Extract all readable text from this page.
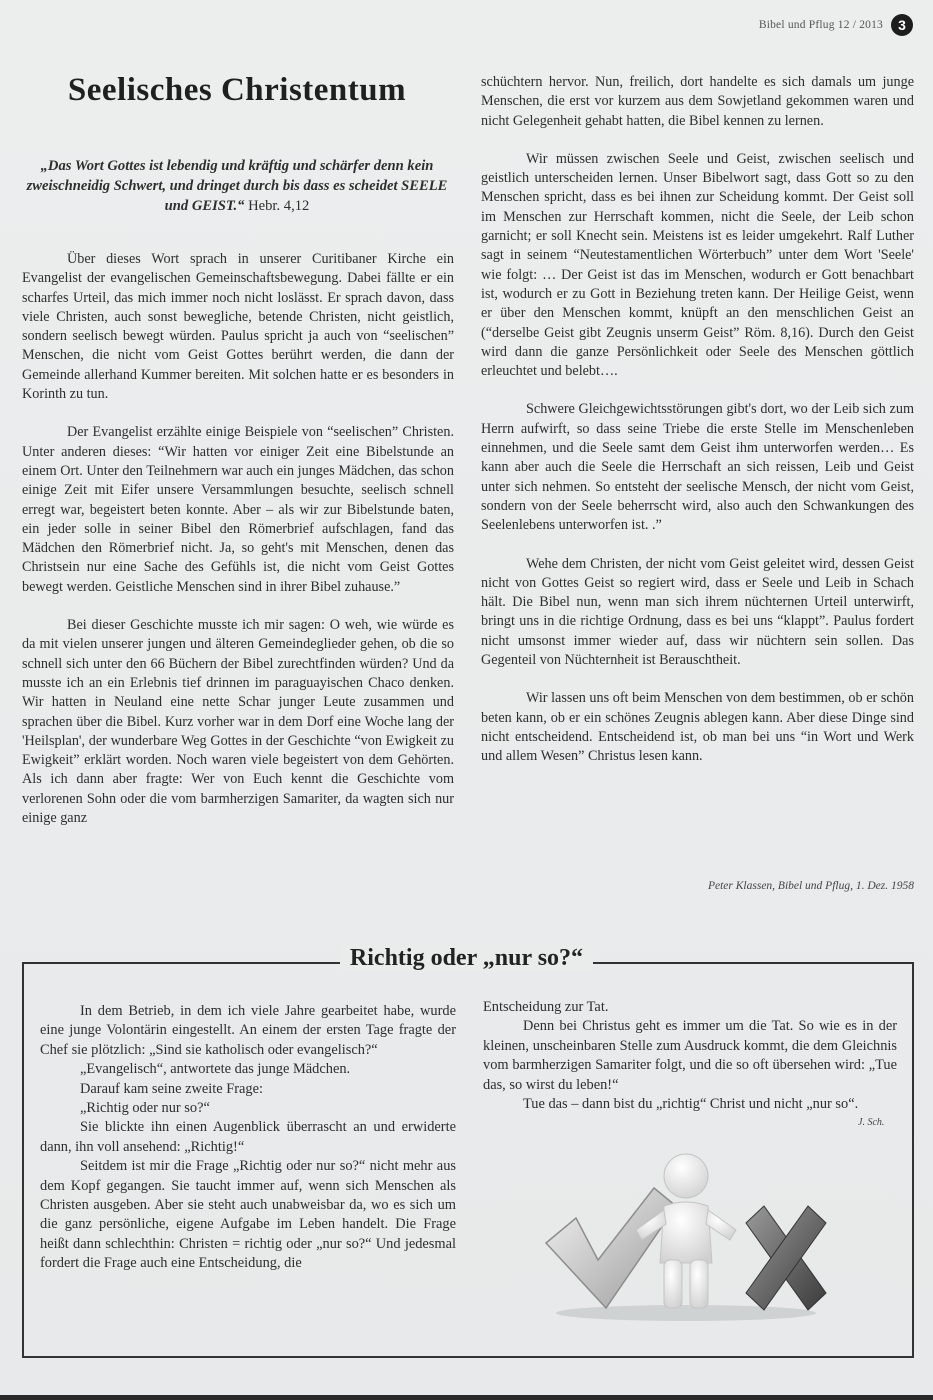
Bibel und Pflug 12 / 2013	3
Seelisches Christentum

„Das Wort Gottes ist lebendig und kräftig und schärfer denn kein zweischneidig Schwert, und dringet durch bis dass es scheidet SEELE und GEIST.“ Hebr. 4,12

Über dieses Wort sprach in unserer Curitibaner Kirche ein Evangelist der evangelischen Gemeinschaftsbewegung. Dabei fällte er ein scharfes Urteil, das mich immer noch nicht loslässt. Er sprach davon, dass viele Christen, auch sonst bewegliche, betende Christen, nicht geistlich, sondern seelisch bewegt würden. Paulus spricht ja auch von “seelischen” Menschen, die nicht vom Geist Gottes berührt werden, die dann der Gemeinde allerhand Kummer bereiten. Mit solchen hatte er es besonders in Korinth zu tun.

Der Evangelist erzählte einige Beispiele von “seelischen” Christen. Unter anderen dieses: “Wir hatten vor einiger Zeit eine Bibelstunde an einem Ort. Unter den Teilnehmern war auch ein junges Mädchen, das schon einige Zeit mit Eifer unsere Versammlungen besuchte, seelisch schnell erregt war, begeistert beten konnte. Aber – als wir zur Bibelstunde baten, ein jeder solle in seiner Bibel den Römerbrief aufschlagen, fand das Mädchen den Römerbrief nicht. Ja, so geht's mit Menschen, denen das Christsein nur eine Sache des Gefühls ist, die nicht vom Geist Gottes bewegt werden. Geistliche Menschen sind in ihrer Bibel zuhause.”

Bei dieser Geschichte musste ich mir sagen: O weh, wie würde es da mit vielen unserer jungen und älteren Gemeindeglieder gehen, ob die so schnell sich unter den 66 Büchern der Bibel zurechtfinden würden? Und da musste ich an ein Erlebnis tief drinnen im paraguayischen Chaco denken. Wir hatten in Neuland eine nette Schar junger Leute zusammen und sprachen über die Bibel. Kurz vorher war in dem Dorf eine Woche lang der 'Heilsplan', der wunderbare Weg Gottes in der Geschichte “von Ewigkeit zu Ewigkeit” erklärt worden. Noch waren viele begeistert von dem Gehörten. Als ich dann aber fragte: Wer von Euch kennt die Geschichte vom verlorenen Sohn oder die vom barmherzigen Samariter, da wagten sich nur einige ganz

schüchtern hervor. Nun, freilich, dort handelte es sich damals um junge Menschen, die erst vor kurzem aus dem Sowjetland gekommen waren und nicht Gelegenheit gehabt hatten, die Bibel kennen zu lernen.

Wir müssen zwischen Seele und Geist, zwischen seelisch und geistlich unterscheiden lernen. Unser Bibelwort sagt, dass Gott so zu den Menschen spricht, dass es bei ihnen zur Scheidung kommt. Der Geist soll im Menschen zur Herrschaft kommen, nicht die Seele, der Leib schon garnicht; er soll Knecht sein. Meistens ist es leider umgekehrt. Ralf Luther sagt in seinem “Neutestamentlichen Wörterbuch” unter dem Wort 'Seele' wie folgt: … Der Geist ist das im Menschen, wodurch er Gott benachbart ist, wodurch er zu Gott in Beziehung treten kann. Der Heilige Geist, wenn er über den Menschen kommt, knüpft an den menschlichen Geist an (“derselbe Geist gibt Zeugnis unserm Geist” Röm. 8,16). Durch den Geist wird dann die ganze Persönlichkeit oder Seele des Menschen göttlich erleuchtet und belebt….

Schwere Gleichgewichtsstörungen gibt's dort, wo der Leib sich zum Herrn aufwirft, so dass seine Triebe die erste Stelle im Menschenleben einnehmen, und die Seele samt dem Geist ihm unterworfen werden… Es kann aber auch die Seele die Herrschaft an sich reissen, Leib und Geist unter sich nehmen. So entsteht der seelische Mensch, der nicht vom Geist, sondern von der Seele beherrscht wird, also auch den Schwankungen des Seelenlebens unterworfen ist. .”

Wehe dem Christen, der nicht vom Geist geleitet wird, dessen Geist nicht von Gottes Geist so regiert wird, dass er Seele und Leib in Schach hält. Die Bibel nun, wenn man sich ihrem nüchternen Urteil unterwirft, bringt uns in die richtige Ordnung, dass es bei uns “klappt”. Paulus fordert nicht umsonst immer wieder auf, dass wir nüchtern sein sollen. Das Gegenteil von Nüchternheit ist Berauschtheit.

Wir lassen uns oft beim Menschen von dem bestimmen, ob er schön beten kann, ob er ein schönes Zeugnis ablegen kann. Aber diese Dinge sind nicht entscheidend. Entscheidend ist, ob man bei uns “in Wort und Werk und allem Wesen” Christus lesen kann.

Peter Klassen, Bibel und Pflug, 1. Dez. 1958
Richtig oder „nur so?“

In dem Betrieb, in dem ich viele Jahre gearbeitet habe, wurde eine junge Volontärin eingestellt. An einem der ersten Tage fragte der Chef sie plötzlich: „Sind sie katholisch oder evangelisch?“

„Evangelisch“, antwortete das junge Mädchen.

Darauf kam seine zweite Frage:

„Richtig oder nur so?“

Sie blickte ihn einen Augenblick überrascht an und erwiderte dann, ihn voll ansehend: „Richtig!“

Seitdem ist mir die Frage „Richtig oder nur so?“ nicht mehr aus dem Kopf gegangen. Sie taucht immer auf, wenn sich Menschen als Christen ausgeben. Aber sie steht auch unabweisbar da, wo es sich um die ganz persönliche, eigene Aufgabe im Leben handelt. Die Frage heißt dann schlechthin: Christen = richtig oder „nur so?“ Und jedesmal fordert die Frage auch eine Entscheidung, die

Entscheidung zur Tat.

Denn bei Christus geht es immer um die Tat. So wie es in der kleinen, unscheinbaren Stelle zum Ausdruck kommt, die dem Gleichnis vom barmherzigen Samariter folgt, und die so oft übersehen wird: „Tue das, so wirst du leben!“

Tue das – dann bist du „richtig“ Christ und nicht „nur so“.

J. Sch.
